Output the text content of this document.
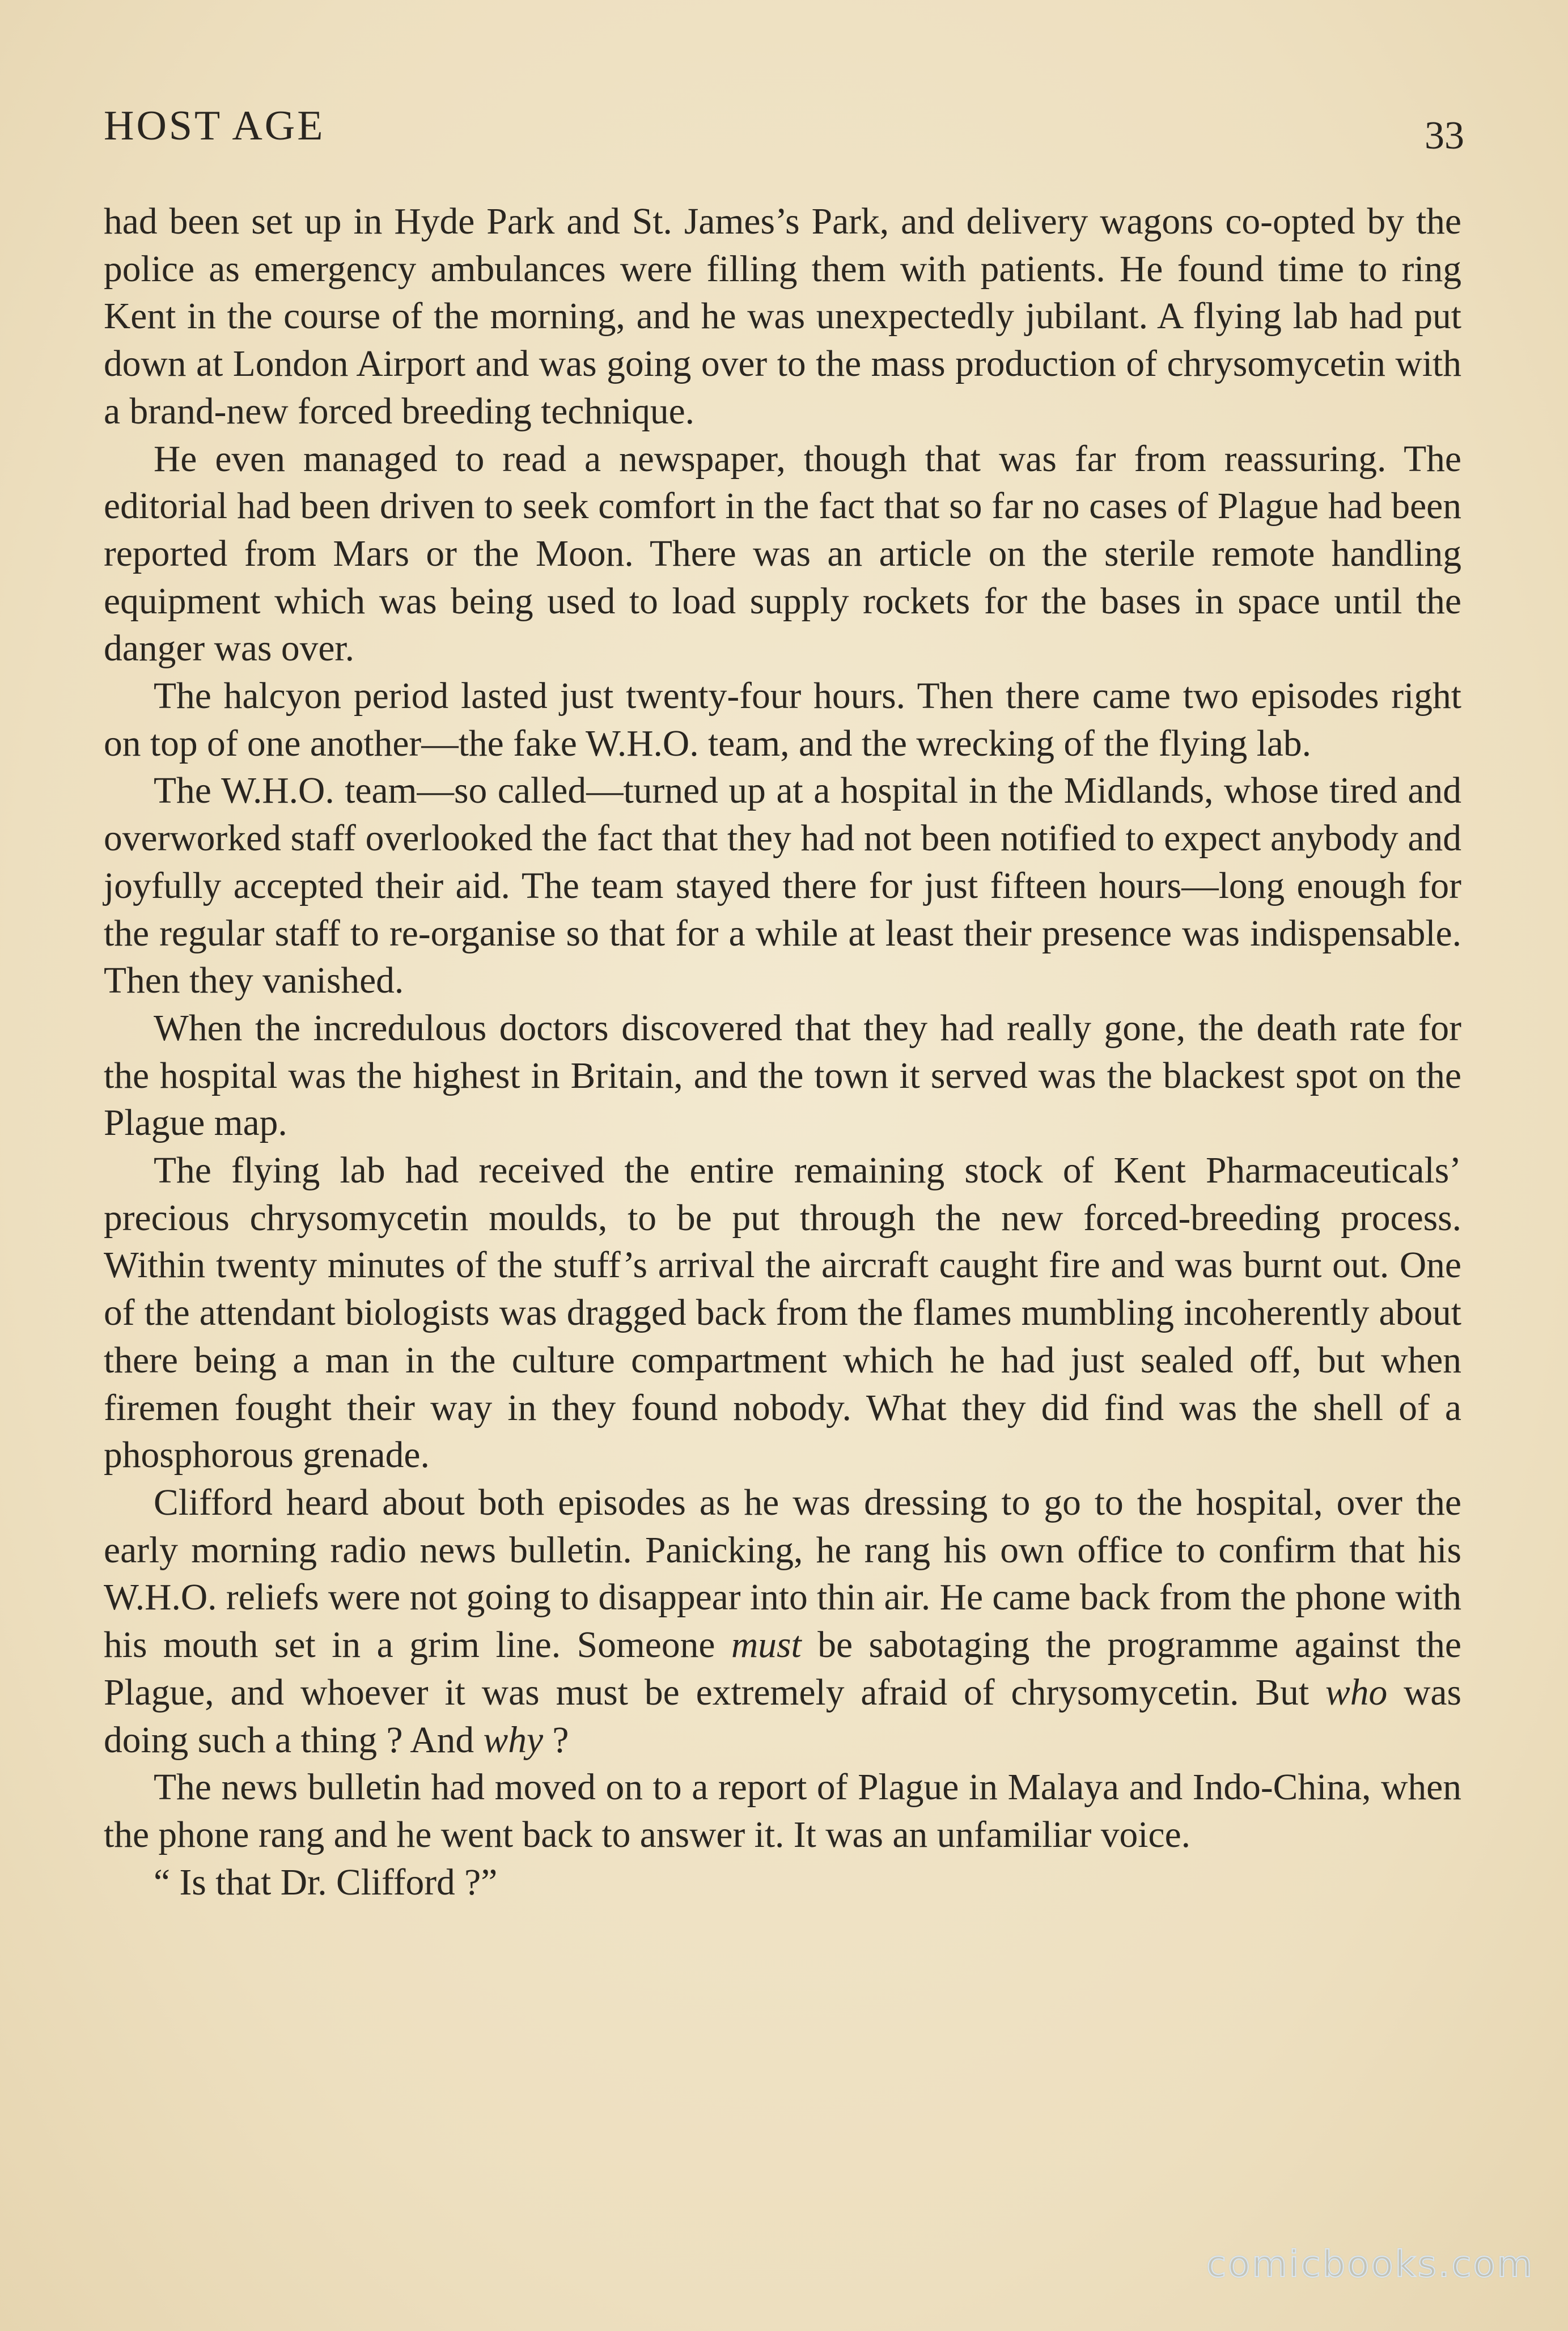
HOST AGE	33

had been set up in Hyde Park and St. James’s Park, and delivery wagons co-opted by the police as emergency ambulances were filling them with patients. He found time to ring Kent in the course of the morning, and he was unexpectedly jubilant. A flying lab had put down at London Airport and was going over to the mass production of chrysomycetin with a brand-new forced breeding technique.

He even managed to read a newspaper, though that was far from reassuring. The editorial had been driven to seek comfort in the fact that so far no cases of Plague had been reported from Mars or the Moon. There was an article on the sterile remote handling equipment which was being used to load supply rockets for the bases in space until the danger was over.

The halcyon period lasted just twenty-four hours. Then there came two episodes right on top of one another—the fake W.H.O. team, and the wrecking of the flying lab.

The W.H.O. team—so called—turned up at a hospital in the Midlands, whose tired and overworked staff overlooked the fact that they had not been notified to expect anybody and joyfully accepted their aid. The team stayed there for just fifteen hours—long enough for the regular staff to re-organise so that for a while at least their presence was indispensable. Then they vanished.

When the incredulous doctors discovered that they had really gone, the death rate for the hospital was the highest in Britain, and the town it served was the blackest spot on the Plague map.

The flying lab had received the entire remaining stock of Kent Pharmaceuticals’ precious chrysomycetin moulds, to be put through the new forced-breeding process. Within twenty minutes of the stuff’s arrival the aircraft caught fire and was burnt out. One of the attendant biologists was dragged back from the flames mumbling incoherently about there being a man in the culture compartment which he had just sealed off, but when firemen fought their way in they found nobody. What they did find was the shell of a phosphorous grenade.

Clifford heard about both episodes as he was dressing to go to the hospital, over the early morning radio news bulletin. Panicking, he rang his own office to confirm that his W.H.O. reliefs were not going to disappear into thin air. He came back from the phone with his mouth set in a grim line. Someone must be sabotaging the programme against the Plague, and whoever it was must be extremely afraid of chrysomycetin. But who was doing such a thing ? And why ?

The news bulletin had moved on to a report of Plague in Malaya and Indo-China, when the phone rang and he went back to answer it. It was an unfamiliar voice.

“ Is that Dr. Clifford ?”

comicbooks.com
